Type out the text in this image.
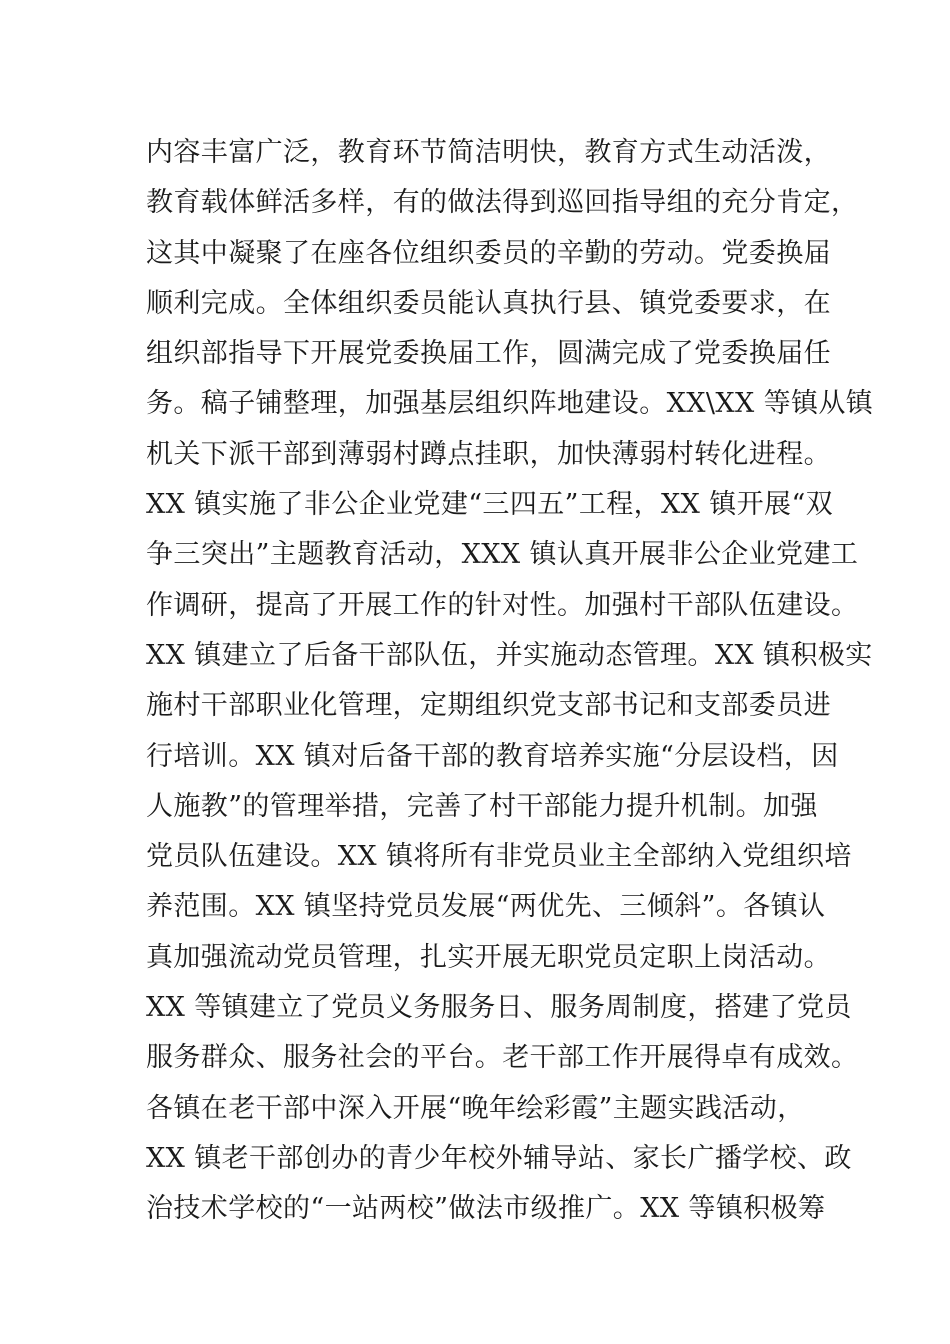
内容丰富广泛，教育环节简洁明快，教育方式生动活泼，
教育载体鲜活多样，有的做法得到巡回指导组的充分肯定，
这其中凝聚了在座各位组织委员的辛勤的劳动。党委换届
顺利完成。全体组织委员能认真执行县、镇党委要求，在
组织部指导下开展党委换届工作，圆满完成了党委换届任
务。稿子铺整理，加强基层组织阵地建设。XX\XX 等镇从镇
机关下派干部到薄弱村蹲点挂职，加快薄弱村转化进程。
XX 镇实施了非公企业党建“三四五”工程，XX 镇开展“双
争三突出”主题教育活动，XXX 镇认真开展非公企业党建工
作调研，提高了开展工作的针对性。加强村干部队伍建设。
XX 镇建立了后备干部队伍，并实施动态管理。XX 镇积极实
施村干部职业化管理，定期组织党支部书记和支部委员进
行培训。XX 镇对后备干部的教育培养实施“分层设档，因
人施教”的管理举措，完善了村干部能力提升机制。加强
党员队伍建设。XX 镇将所有非党员业主全部纳入党组织培
养范围。XX 镇坚持党员发展“两优先、三倾斜”。各镇认
真加强流动党员管理，扎实开展无职党员定职上岗活动。
XX 等镇建立了党员义务服务日、服务周制度，搭建了党员
服务群众、服务社会的平台。老干部工作开展得卓有成效。
各镇在老干部中深入开展“晚年绘彩霞”主题实践活动，
XX 镇老干部创办的青少年校外辅导站、家长广播学校、政
治技术学校的“一站两校”做法市级推广。XX 等镇积极筹
